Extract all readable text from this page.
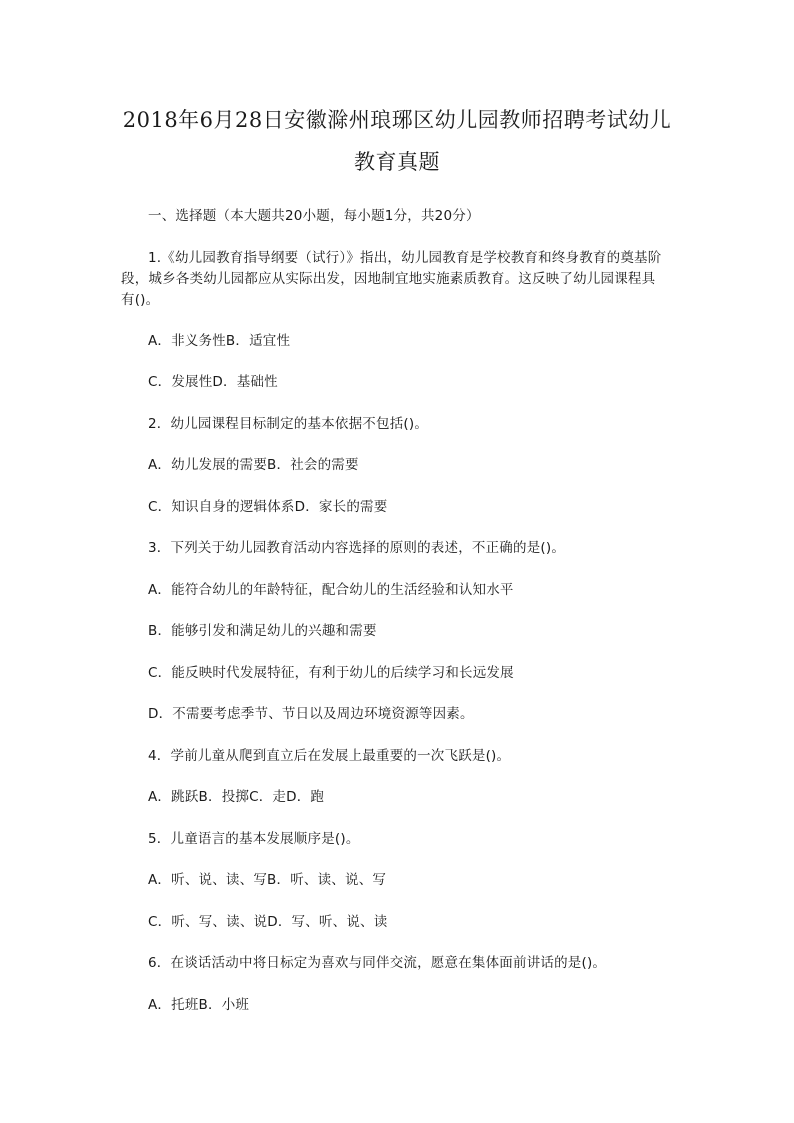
2018年6月28日安徽滁州琅琊区幼儿园教师招聘考试幼儿
教育真题
一、选择题（本大题共20小题，每小题1分，共20分）
1.《幼儿园教育指导纲要（试行）》指出，幼儿园教育是学校教育和终身教育的奠基阶
段，城乡各类幼儿园都应从实际出发，因地制宜地实施素质教育。这反映了幼儿园课程具
有()。
A．非义务性B．适宜性
C．发展性D．基础性
2．幼儿园课程目标制定的基本依据不包括()。
A．幼儿发展的需要B．社会的需要
C．知识自身的逻辑体系D．家长的需要
3．下列关于幼儿园教育活动内容选择的原则的表述，不正确的是()。
A．能符合幼儿的年龄特征，配合幼儿的生活经验和认知水平
B．能够引发和满足幼儿的兴趣和需要
C．能反映时代发展特征，有利于幼儿的后续学习和长远发展
D．不需要考虑季节、节日以及周边环境资源等因素。
4．学前儿童从爬到直立后在发展上最重要的一次飞跃是()。
A．跳跃B．投掷C．走D．跑
5．儿童语言的基本发展顺序是()。
A．听、说、读、写B．听、读、说、写
C．听、写、读、说D．写、听、说、读
6．在谈话活动中将日标定为喜欢与同伴交流，愿意在集体面前讲话的是()。
A．托班B．小班
